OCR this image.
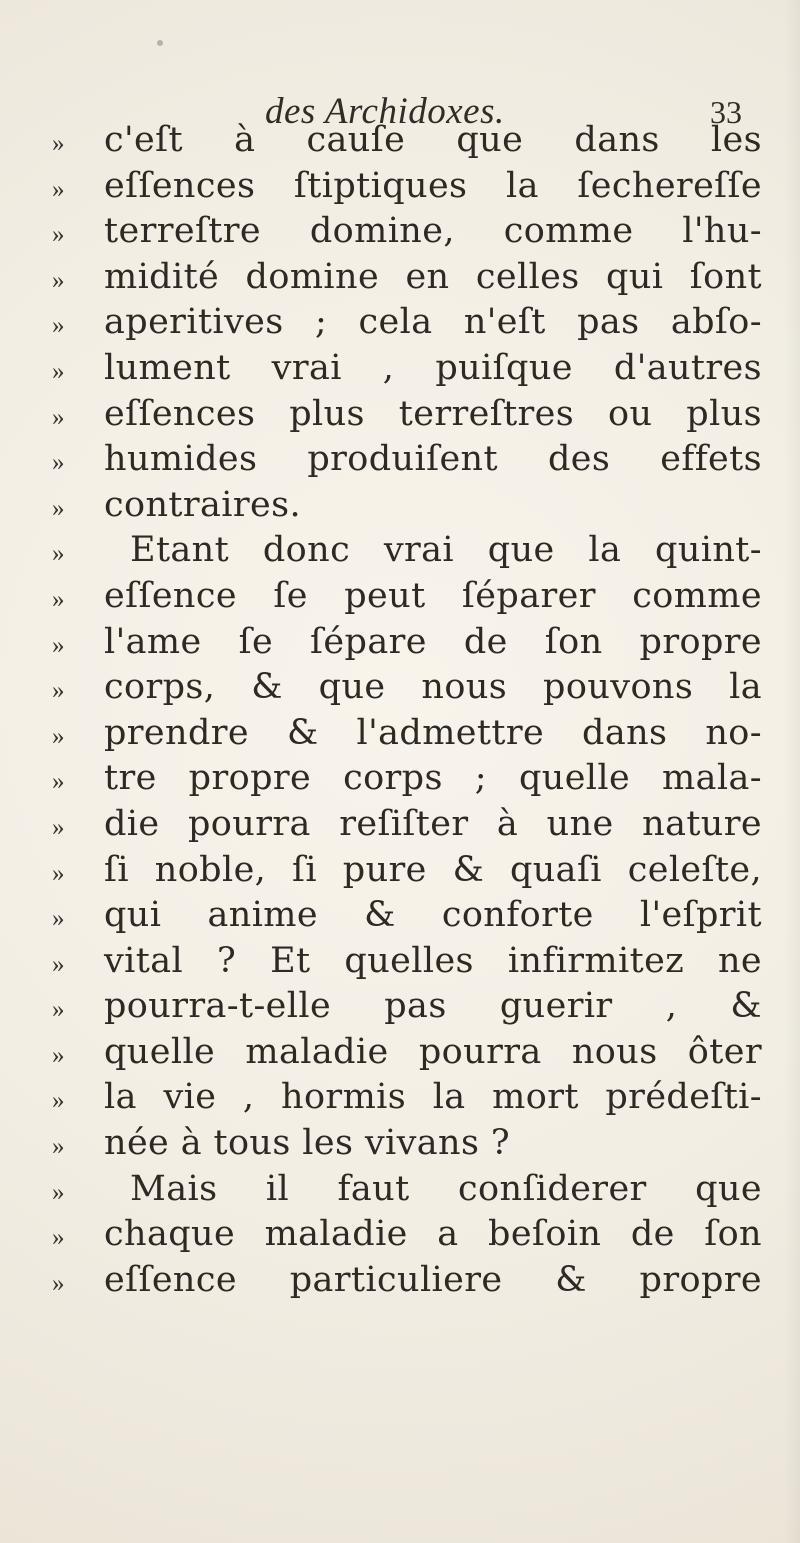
des Archidoxes.	33
»	c'eſt à cauſe que dans les
»	eſſences ſtiptiques la ſechereſſe
»	terreſtre domine, comme l'hu-
»	midité domine en celles qui ſont
»	aperitives ; cela n'eſt pas abſo-
»	lument vrai , puiſque d'autres
»	eſſences plus terreſtres ou plus
»	humides produiſent des effets
»	contraires.
»	Etant donc vrai que la quint-
»	eſſence ſe peut ſéparer comme
»	l'ame ſe ſépare de ſon propre
»	corps, & que nous pouvons la
»	prendre & l'admettre dans no-
»	tre propre corps ; quelle mala-
»	die pourra reſiſter à une nature
»	ſi noble, ſi pure & quaſi celeſte,
»	qui anime & conforte l'eſprit
»	vital ? Et quelles infirmitez ne
»	pourra-t-elle pas guerir , &
»	quelle maladie pourra nous ôter
»	la vie , hormis la mort prédeſti-
»	née à tous les vivans ?
»	Mais il faut conſiderer que
»	chaque maladie a beſoin de ſon
»	eſſence particuliere & propre
